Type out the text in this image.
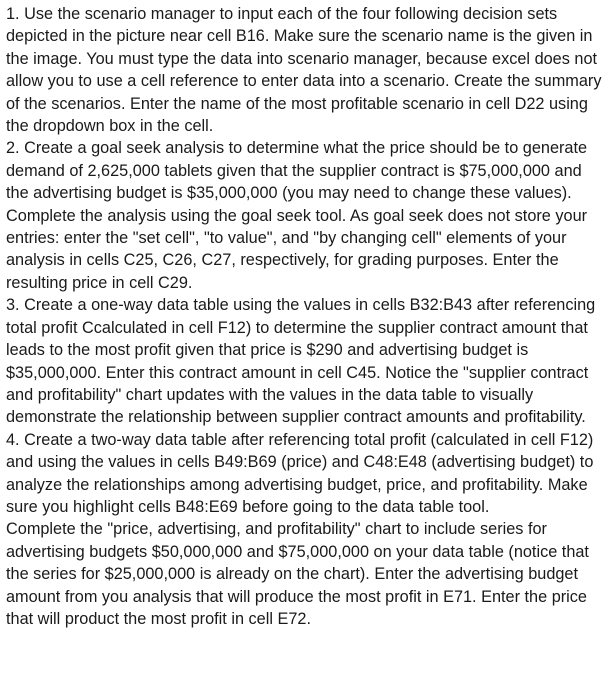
1. Use the scenario manager to input each of the four following decision sets depicted in the picture near cell B16. Make sure the scenario name is the given in the image. You must type the data into scenario manager, because excel does not allow you to use a cell reference to enter data into a scenario. Create the summary of the scenarios. Enter the name of the most profitable scenario in cell D22 using the dropdown box in the cell.

2. Create a goal seek analysis to determine what the price should be to generate demand of 2,625,000 tablets given that the supplier contract is $75,000,000 and the advertising budget is $35,000,000 (you may need to change these values). Complete the analysis using the goal seek tool. As goal seek does not store your entries: enter the "set cell", "to value", and "by changing cell" elements of your analysis in cells C25, C26, C27, respectively, for grading purposes. Enter the resulting price in cell C29.

3. Create a one-way data table using the values in cells B32:B43 after referencing total profit Ccalculated in cell F12) to determine the supplier contract amount that leads to the most profit given that price is $290 and advertising budget is $35,000,000. Enter this contract amount in cell C45. Notice the "supplier contract and profitability" chart updates with the values in the data table to visually demonstrate the relationship between supplier contract amounts and profitability.

4. Create a two-way data table after referencing total profit (calculated in cell F12) and using the values in cells B49:B69 (price) and C48:E48 (advertising budget) to analyze the relationships among advertising budget, price, and profitability. Make sure you highlight cells B48:E69 before going to the data table tool.

Complete the "price, advertising, and profitability" chart to include series for advertising budgets $50,000,000 and $75,000,000 on your data table (notice that the series for $25,000,000 is already on the chart). Enter the advertising budget amount from you analysis that will produce the most profit in E71. Enter the price that will product the most profit in cell E72.
